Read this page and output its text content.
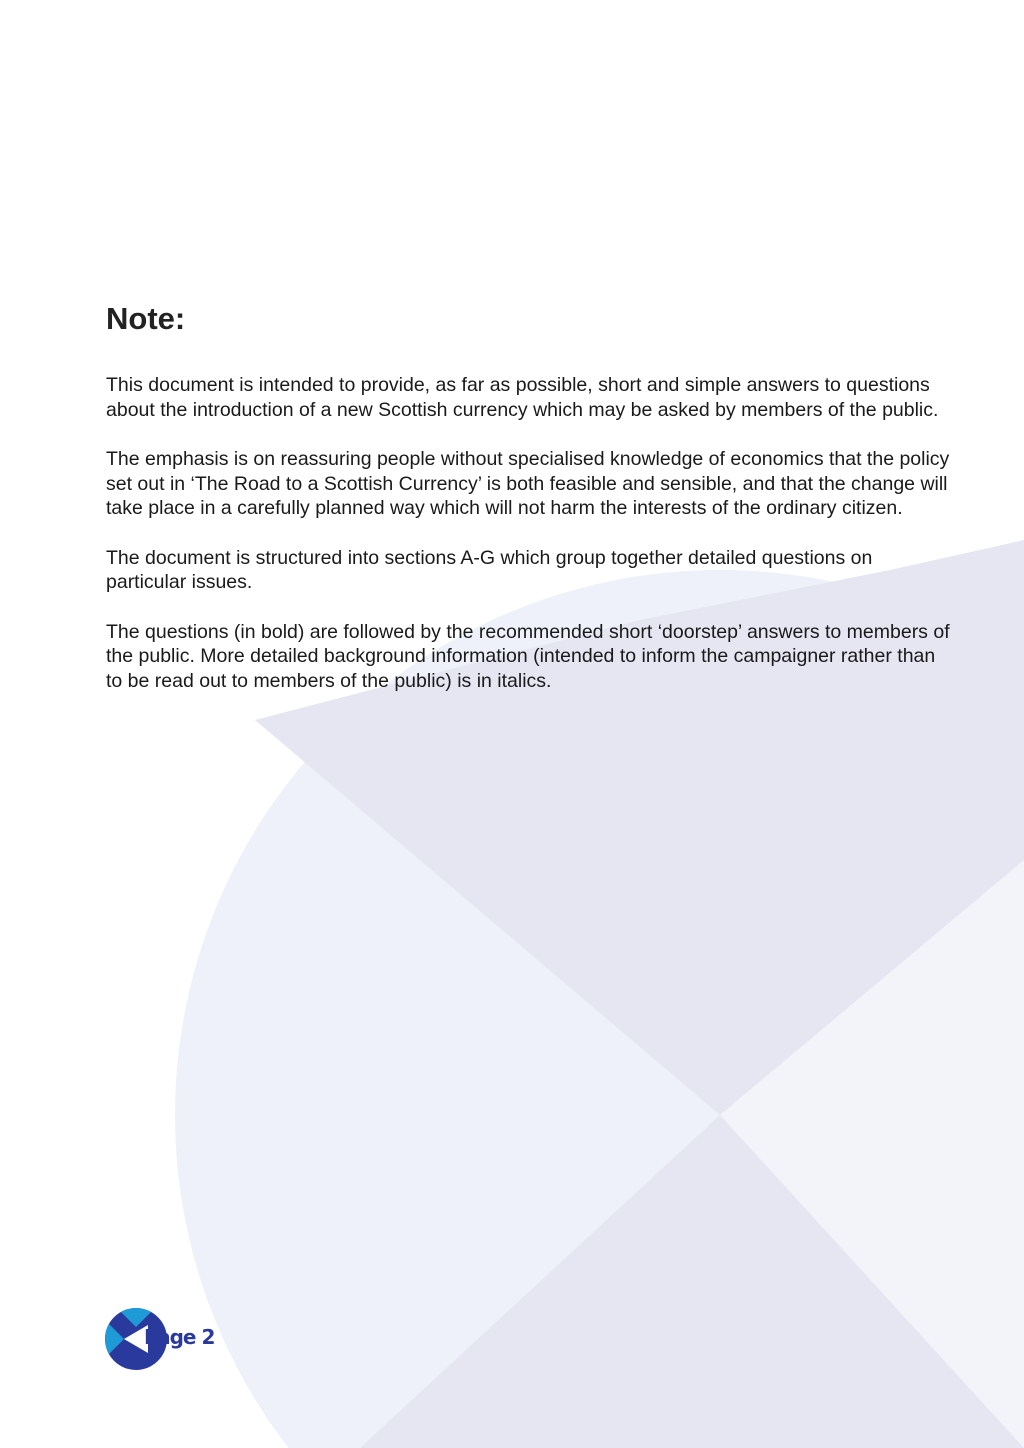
Note:

This document is intended to provide, as far as possible, short and simple answers to questions about the introduction of a new Scottish currency which may be asked by members of the public.

The emphasis is on reassuring people without specialised knowledge of economics that the policy set out in ‘The Road to a Scottish Currency’ is both feasible and sensible, and that the change will take place in a carefully planned way which will not harm the interests of the ordinary citizen.

The document is structured into sections A-G which group together detailed questions on particular issues.

The questions (in bold) are followed by the recommended short ‘doorstep’ answers to members of the public. More detailed background information (intended to inform the campaigner rather than to be read out to members of the public) is in italics.

Page 2
